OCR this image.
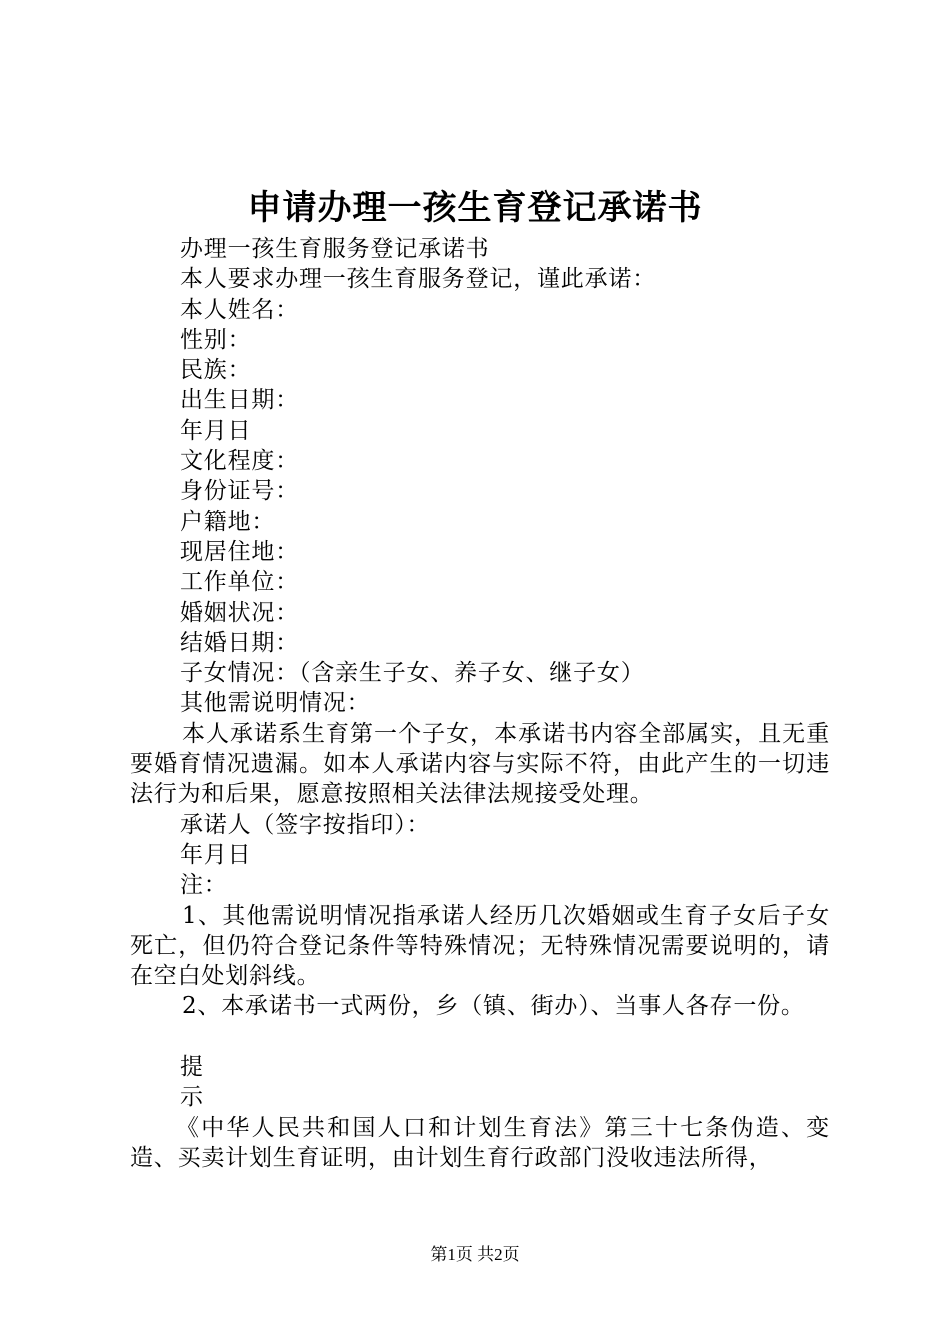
申请办理一孩生育登记承诺书

办理一孩生育服务登记承诺书

本人要求办理一孩生育服务登记，谨此承诺：

本人姓名：

性别：

民族：

出生日期：

年月日

文化程度：

身份证号：

户籍地：

现居住地：

工作单位：

婚姻状况：

结婚日期：

子女情况：（含亲生子女、养子女、继子女）

其他需说明情况：

本人承诺系生育第一个子女，本承诺书内容全部属实，且无重要婚育情况遗漏。如本人承诺内容与实际不符，由此产生的一切违法行为和后果，愿意按照相关法律法规接受处理。

承诺人（签字按指印）：

年月日

注：

1、其他需说明情况指承诺人经历几次婚姻或生育子女后子女死亡，但仍符合登记条件等特殊情况；无特殊情况需要说明的，请在空白处划斜线。

2、本承诺书一式两份，乡（镇、街办）、当事人各存一份。

提

示

《中华人民共和国人口和计划生育法》第三十七条伪造、变造、买卖计划生育证明，由计划生育行政部门没收违法所得，

第1页 共2页
